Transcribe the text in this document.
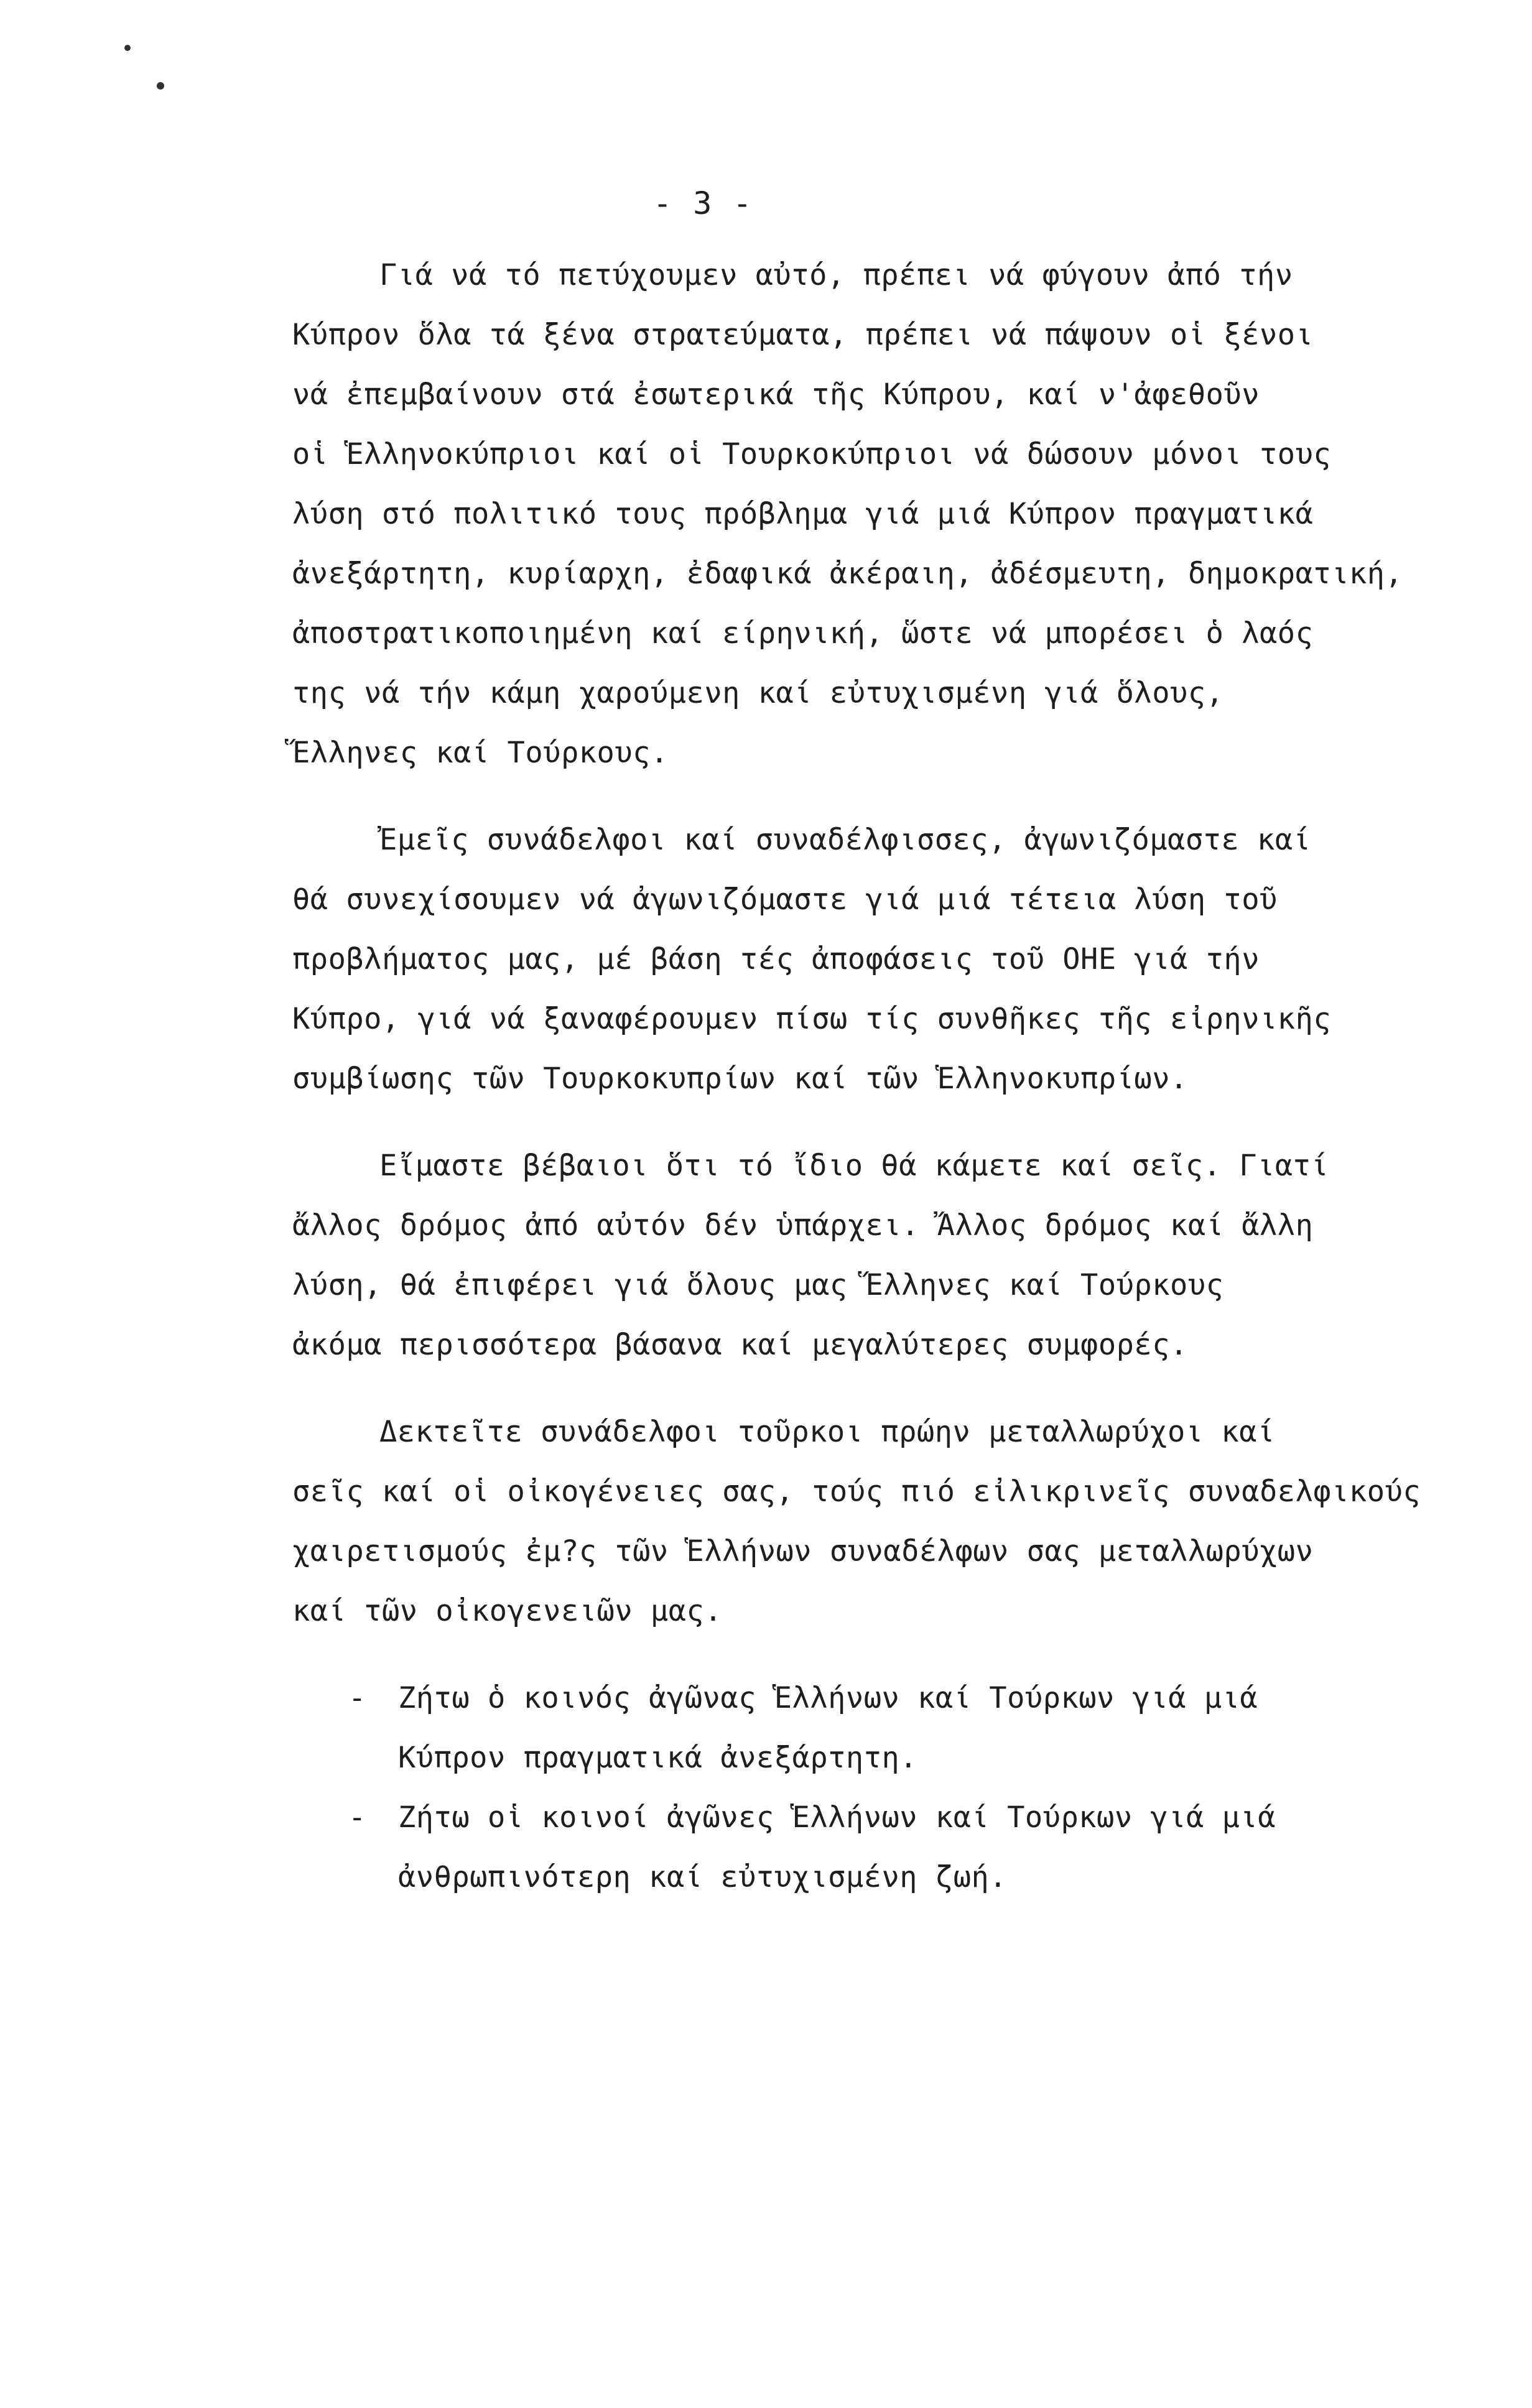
- 3 -
Γιά νά τό πετύχουμεν αὐτό, πρέπει νά φύγουν ἀπό τήν
Κύπρον ὅλα τά ξένα στρατεύματα, πρέπει νά πάψουν οἱ ξένοι
νά ἐπεμβαίνουν στά ἐσωτερικά τῆς Κύπρου, καί ν'ἀφεθοῦν
οἱ Ἑλληνοκύπριοι καί οἱ Τουρκοκύπριοι νά δώσουν μόνοι τους
λύση στό πολιτικό τους πρόβλημα γιά μιά Κύπρον πραγματικά
ἀνεξάρτητη, κυρίαρχη, ἐδαφικά ἀκέραιη, ἀδέσμευτη, δημοκρατική,
ἀποστρατικοποιημένη καί είρηνική, ὥστε νά μπορέσει ὁ λαός
της νά τήν κάμη χαρούμενη καί εὐτυχισμένη γιά ὅλους,
Ἕλληνες καί Τούρκους.
Ἐμεῖς συνάδελφοι καί συναδέλφισσες, ἀγωνιζόμαστε καί
θά συνεχίσουμεν νά ἀγωνιζόμαστε γιά μιά τέτεια λύση τοῦ
προβλήματος μας, μέ βάση τές ἀποφάσεις τοῦ ΟΗΕ γιά τήν
Κύπρο, γιά νά ξαναφέρουμεν πίσω τίς συνθῆκες τῆς εἰρηνικῆς
συμβίωσης τῶν Τουρκοκυπρίων καί τῶν Ἑλληνοκυπρίων.
Εἴμαστε βέβαιοι ὅτι τό ἴδιο θά κάμετε καί σεῖς. Γιατί
ἄλλος δρόμος ἀπό αὐτόν δέν ὑπάρχει. Ἄλλος δρόμος καί ἄλλη
λύση, θά ἐπιφέρει γιά ὅλους μας Ἕλληνες καί Τούρκους
ἀκόμα περισσότερα βάσανα καί μεγαλύτερες συμφορές.
Δεκτεῖτε συνάδελφοι τοῦρκοι πρώην μεταλλωρύχοι καί
σεῖς καί οἱ οἰκογένειες σας, τούς πιό εἰλικρινεῖς συναδελφικούς
χαιρετισμούς ἐμ?ς τῶν Ἑλλήνων συναδέλφων σας μεταλλωρύχων
καί τῶν οἰκογενειῶν μας.
- Ζήτω ὁ κοινός ἀγῶνας Ἑλλήνων καί Τούρκων γιά μιά
Κύπρον πραγματικά ἀνεξάρτητη.
- Ζήτω οἱ κοινοί ἀγῶνες Ἑλλήνων καί Τούρκων γιά μιά
ἀνθρωπινότερη καί εὐτυχισμένη ζωή.
